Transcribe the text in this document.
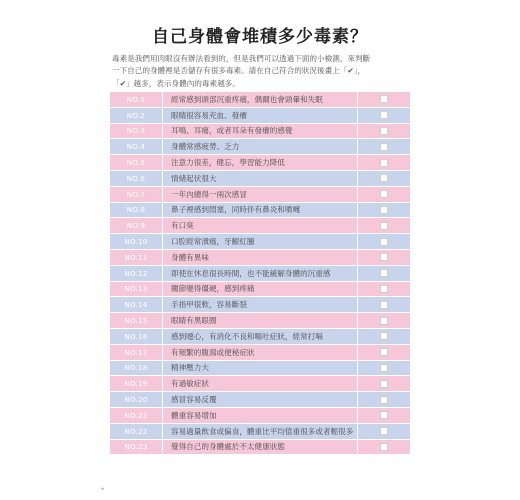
自己身體會堆積多少毒素？
毒素是我們用肉眼沒有辦法看到的，但是我們可以透過下面的小檢測，來判斷
一下自己的身體裡是否儲存有很多毒素。請在自己符合的狀況後畫上「✔」，
「✔」越多，表示身體內的毒素越多。
NO.1	經常感到頭部沉重疼痛，偶爾也會頭暈和失眠
NO.2	眼睛很容易充血、發癢
NO.3	耳鳴、耳痛，或者耳朵有發癢的感覺
NO.4	身體常感疲勞、乏力
NO.5	注意力很差，健忘，學習能力降低
NO.6	情緒起伏很大
NO.7	一年內總得一兩次感冒
NO.8	鼻子裡感到悶塞，同時伴有鼻炎和噴嚏
NO.9	有口臭
NO.10	口腔經常潰瘍，牙齦紅腫
NO.11	身體有異味
NO.12	即使在休息很長時間，也不能緩解身體的沉重感
NO.13	關節變得僵硬，感到疼痛
NO.14	手指甲很軟，容易斷裂
NO.15	眼睛有黑眼圈
NO.16	感到噁心，有消化不良和嘔吐症狀，經常打嗝
NO.17	有頻繁的腹瀉或便秘症狀
NO.18	精神壓力大
NO.19	有過敏症狀
NO.20	感冒容易反覆
NO.21	體重容易增加
NO.22	容易過量飲食或偏食，體重比平均值重很多或者輕很多
NO.23	覺得自己的身體處於不太健康狀態
✦
